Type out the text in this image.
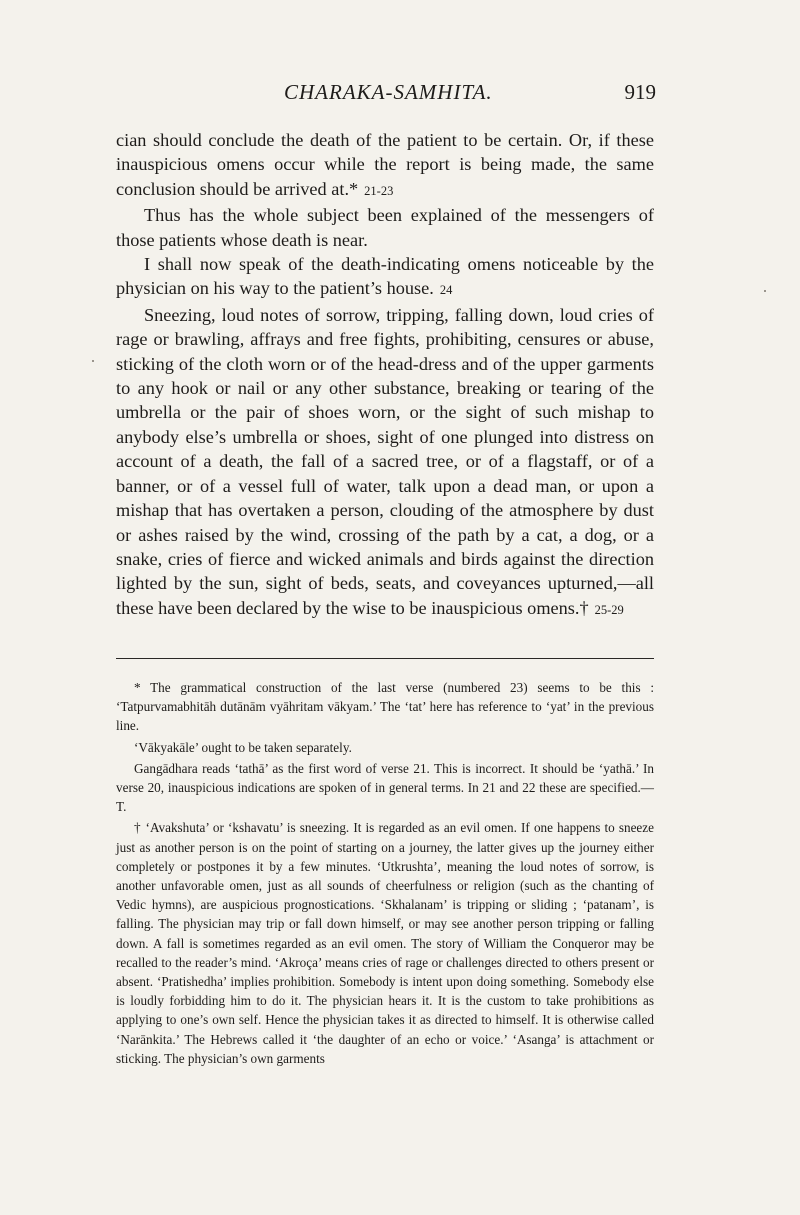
CHARAKA-SAMHITA.	919

cian should conclude the death of the patient to be certain. Or, if these inauspicious omens occur while the report is being made, the same conclusion should be arrived at.* 21-23

Thus has the whole subject been explained of the messengers of those patients whose death is near.

I shall now speak of the death-indicating omens noticeable by the physician on his way to the patient’s house. 24

Sneezing, loud notes of sorrow, tripping, falling down, loud cries of rage or brawling, affrays and free fights, prohibiting, censures or abuse, sticking of the cloth worn or of the head-dress and of the upper garments to any hook or nail or any other substance, breaking or tearing of the umbrella or the pair of shoes worn, or the sight of such mishap to anybody else’s umbrella or shoes, sight of one plunged into distress on account of a death, the fall of a sacred tree, or of a flagstaff, or of a banner, or of a vessel full of water, talk upon a dead man, or upon a mishap that has overtaken a person, clouding of the atmosphere by dust or ashes raised by the wind, crossing of the path by a cat, a dog, or a snake, cries of fierce and wicked animals and birds against the direction lighted by the sun, sight of beds, seats, and coveyances upturned,—all these have been declared by the wise to be inauspicious omens.† 25-29

* The grammatical construction of the last verse (numbered 23) seems to be this : ‘Tatpurvamabhitāh dutānām vyāhritam vākyam.’ The ‘tat’ here has reference to ‘yat’ in the previous line.

‘Vākyakāle’ ought to be taken separately.

Gangādhara reads ‘tathā’ as the first word of verse 21. This is incorrect. It should be ‘yathā.’ In verse 20, inauspicious indications are spoken of in general terms. In 21 and 22 these are specified.—T.

† ‘Avakshuta’ or ‘kshavatu’ is sneezing. It is regarded as an evil omen. If one happens to sneeze just as another person is on the point of starting on a journey, the latter gives up the journey either completely or postpones it by a few minutes. ‘Utkrushta’, meaning the loud notes of sorrow, is another unfavorable omen, just as all sounds of cheerfulness or religion (such as the chanting of Vedic hymns), are auspicious prognostications. ‘Skhalanam’ is tripping or sliding ; ‘patanam’, is falling. The physician may trip or fall down himself, or may see another person tripping or falling down. A fall is sometimes regarded as an evil omen. The story of William the Conqueror may be recalled to the reader’s mind. ‘Akroça’ means cries of rage or challenges directed to others present or absent. ‘Pratishedha’ implies prohibition. Somebody is intent upon doing something. Somebody else is loudly forbidding him to do it. The physician hears it. It is the custom to take prohibitions as applying to one’s own self. Hence the physician takes it as directed to himself. It is otherwise called ‘Narānkita.’ The Hebrews called it ‘the daughter of an echo or voice.’ ‘Asanga’ is attachment or sticking. The physician’s own garments
